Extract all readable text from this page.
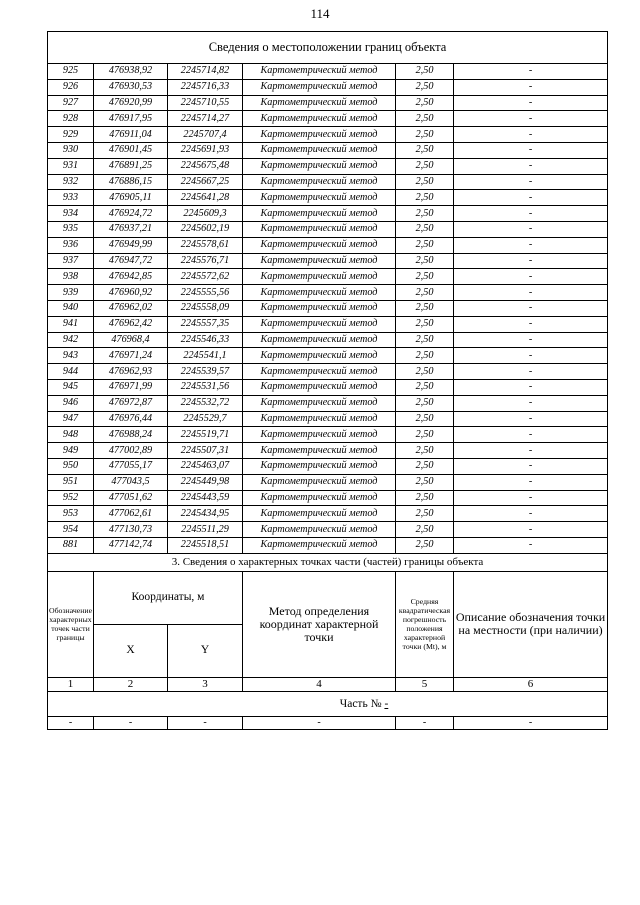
114
Сведения о местоположении границ объекта					
925	476938,92	2245714,82	Картометрический метод	2,50	-
926	476930,53	2245716,33	Картометрический метод	2,50	-
927	476920,99	2245710,55	Картометрический метод	2,50	-
928	476917,95	2245714,27	Картометрический метод	2,50	-
929	476911,04	2245707,4	Картометрический метод	2,50	-
930	476901,45	2245691,93	Картометрический метод	2,50	-
931	476891,25	2245675,48	Картометрический метод	2,50	-
932	476886,15	2245667,25	Картометрический метод	2,50	-
933	476905,11	2245641,28	Картометрический метод	2,50	-
934	476924,72	2245609,3	Картометрический метод	2,50	-
935	476937,21	2245602,19	Картометрический метод	2,50	-
936	476949,99	2245578,61	Картометрический метод	2,50	-
937	476947,72	2245576,71	Картометрический метод	2,50	-
938	476942,85	2245572,62	Картометрический метод	2,50	-
939	476960,92	2245555,56	Картометрический метод	2,50	-
940	476962,02	2245558,09	Картометрический метод	2,50	-
941	476962,42	2245557,35	Картометрический метод	2,50	-
942	476968,4	2245546,33	Картометрический метод	2,50	-
943	476971,24	2245541,1	Картометрический метод	2,50	-
944	476962,93	2245539,57	Картометрический метод	2,50	-
945	476971,99	2245531,56	Картометрический метод	2,50	-
946	476972,87	2245532,72	Картометрический метод	2,50	-
947	476976,44	2245529,7	Картометрический метод	2,50	-
948	476988,24	2245519,71	Картометрический метод	2,50	-
949	477002,89	2245507,31	Картометрический метод	2,50	-
950	477055,17	2245463,07	Картометрический метод	2,50	-
951	477043,5	2245449,98	Картометрический метод	2,50	-
952	477051,62	2245443,59	Картометрический метод	2,50	-
953	477062,61	2245434,95	Картометрический метод	2,50	-
954	477130,73	2245511,29	Картометрический метод	2,50	-
881	477142,74	2245518,51	Картометрический метод	2,50	-
3. Сведения о характерных точках части (частей) границы объекта					
Обозначение характерных точек части границы	Координаты, м		Метод определения координат характерной точки	Средняя квадратическая погрешность положения характерной точки (Mt), м	Описание обозначения точки на местности (при наличии)
	X	Y			
1	2	3	4	5	6
Часть № -					
-	-	-	-	-	-
